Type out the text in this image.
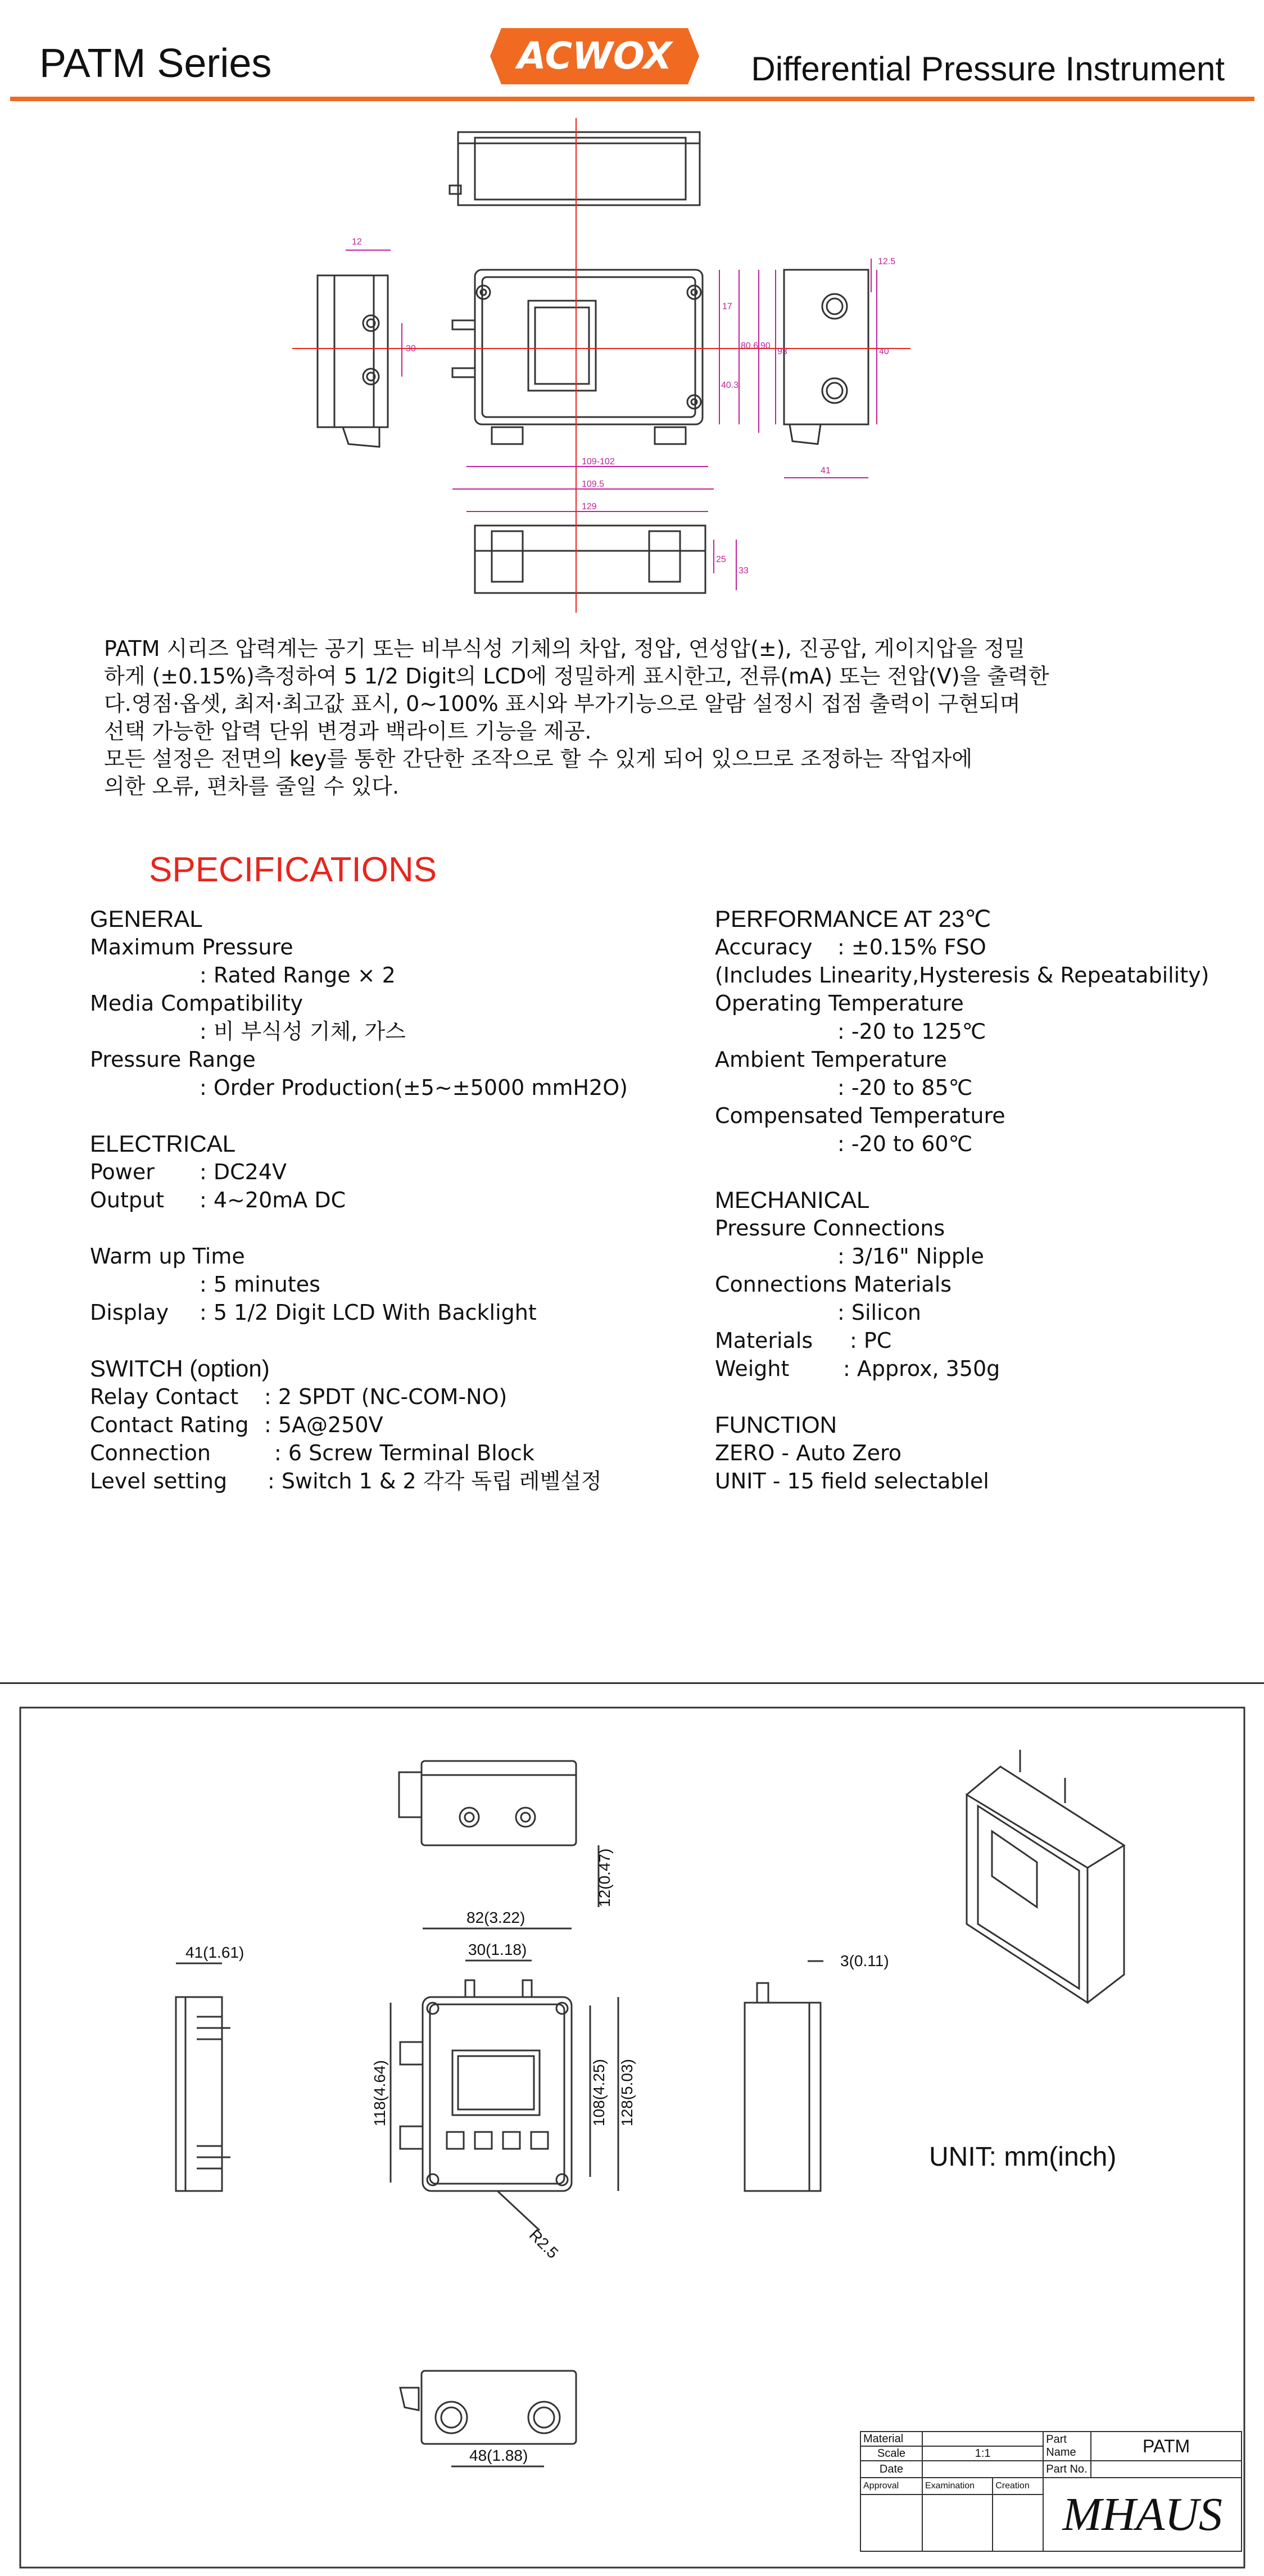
PATM Series	ACWOX Differential Pressure Instrument
12
30
17
80.6 90
40.3
93
12.5
40
41
109.5
129
25
33
109-102
PATM 시리즈 압력계는 공기 또는 비부식성 기체의 차압, 정압, 연성압(±), 진공압, 게이지압을 정밀
하게 (±0.15%)측정하여 5 1/2 Digit의 LCD에 정밀하게 표시한고, 전류(mA) 또는 전압(V)을 출력한
다.영점·옵셋, 최저·최고값 표시, 0~100% 표시와 부가기능으로 알람 설정시 접점 출력이 구현되며
선택 가능한 압력 단위 변경과 백라이트 기능을 제공.
모든 설정은 전면의 key를 통한 간단한 조작으로 할 수 있게 되어 있으므로 조정하는 작업자에
의한 오류, 편차를 줄일 수 있다.
SPECIFICATIONS
GENERAL
Maximum Pressure
: Rated Range × 2
Media Compatibility
: 비 부식성 기체, 가스
Pressure Range
: Order Production(±5~±5000 mmH2O)
ELECTRICAL
Power : DC24V
Output : 4~20mA DC
Warm up Time
: 5 minutes
Display : 5 1/2 Digit LCD With Backlight
SWITCH (option)
Relay Contact : 2 SPDT (NC-COM-NO)
Contact Rating : 5A@250V
Connection	: 6 Screw Terminal Block
Level setting : Switch 1 & 2 각각 독립 레벨설정
PERFORMANCE AT 23℃
Accuracy : ±0.15% FSO
(Includes Linearity,Hysteresis & Repeatability)
Operating Temperature
: -20 to 125℃
Ambient Temperature
: -20 to 85℃
Compensated Temperature
: -20 to 60℃
MECHANICAL
Pressure Connections
: 3/16" Nipple
Connections Materials
: Silicon
Materials : PC
Weight	: Approx, 350g
FUNCTION
ZERO - Auto Zero
UNIT - 15 field selectablel
82(3.22)
30(1.18)
12(0.47)
41(1.61)
118(4.64)	108(4.25) 128(5.03)
3(0.11)
R2.5
48(1.88)
UNIT: mm(inch)
Material			Part Name	PATM
Scale	1:1			
Date			Part No.	
Approval	Examination	Creation	MHAUS	
